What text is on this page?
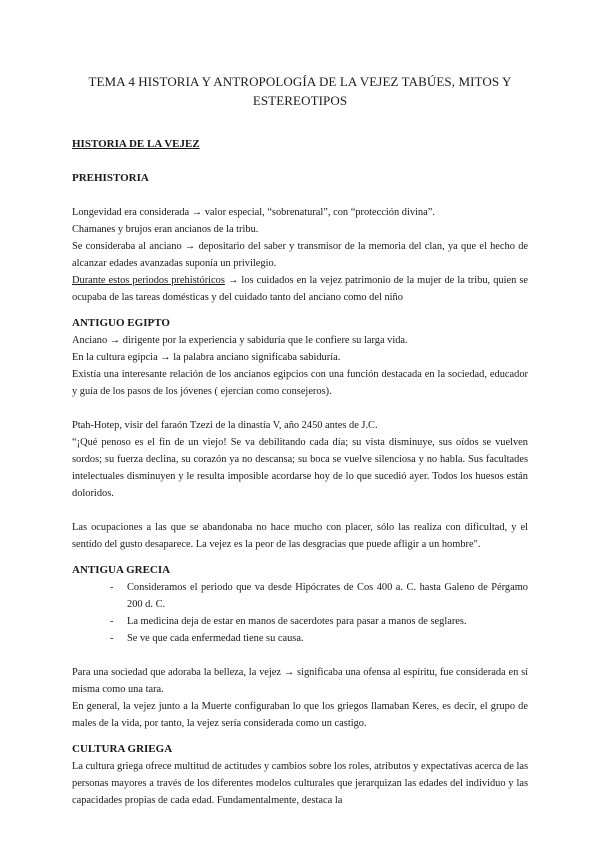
TEMA 4 HISTORIA Y ANTROPOLOGÍA DE LA VEJEZ TABÚES, MITOS Y ESTEREOTIPOS

HISTORIA DE LA VEJEZ

PREHISTORIA

Longevidad era considerada → valor especial, “sobrenatural”, con “protección divina”.

Chamanes y brujos eran ancianos de la tribu.

Se consideraba al anciano → depositario del saber y transmisor de la memoria del clan, ya que el hecho de alcanzar edades avanzadas suponía un privilegio.

Durante estos periodos prehistóricos → los cuidados en la vejez patrimonio de la mujer de la tribu, quien se ocupaba de las tareas domésticas y del cuidado tanto del anciano como del niño

ANTIGUO EGIPTO

Anciano → dirigente por la experiencia y sabiduría que le confiere su larga vida.

En la cultura egipcia → la palabra anciano significaba sabiduría.

Existía una interesante relación de los ancianos egipcios con una función destacada en la sociedad, educador y guía de los pasos de los jóvenes ( ejercían como consejeros).

Ptah-Hotep, visir del faraón Tzezi de la dinastía V, año 2450 antes de J.C.

“¡Qué penoso es el fin de un viejo! Se va debilitando cada día; su vista disminuye, sus oídos se vuelven sordos; su fuerza declina, su corazón ya no descansa; su boca se vuelve silenciosa y no habla. Sus facultades intelectuales disminuyen y le resulta imposible acordarse hoy de lo que sucedió ayer. Todos los huesos están doloridos.

Las ocupaciones a las que se abandonaba no hace mucho con placer, sólo las realiza con dificultad, y el sentido del gusto desaparece. La vejez es la peor de las desgracias que puede afligir a un hombre".

ANTIGUA GRECIA

- Consideramos el periodo que va desde Hipócrates de Cos 400 a. C. hasta Galeno de Pérgamo 200 d. C.
- La medicina deja de estar en manos de sacerdotes para pasar a manos de seglares.
- Se ve que cada enfermedad tiene su causa.

Para una sociedad que adoraba la belleza, la vejez → significaba una ofensa al espíritu, fue considerada en sí misma como una tara.

En general, la vejez junto a la Muerte configuraban lo que los griegos llamaban Keres, es decir, el grupo de males de la vida, por tanto, la vejez sería considerada como un castigo.

CULTURA GRIEGA

La cultura griega ofrece multitud de actitudes y cambios sobre los roles, atributos y expectativas acerca de las personas mayores a través de los diferentes modelos culturales que jerarquizan las edades del individuo y las capacidades propias de cada edad. Fundamentalmente, destaca la
